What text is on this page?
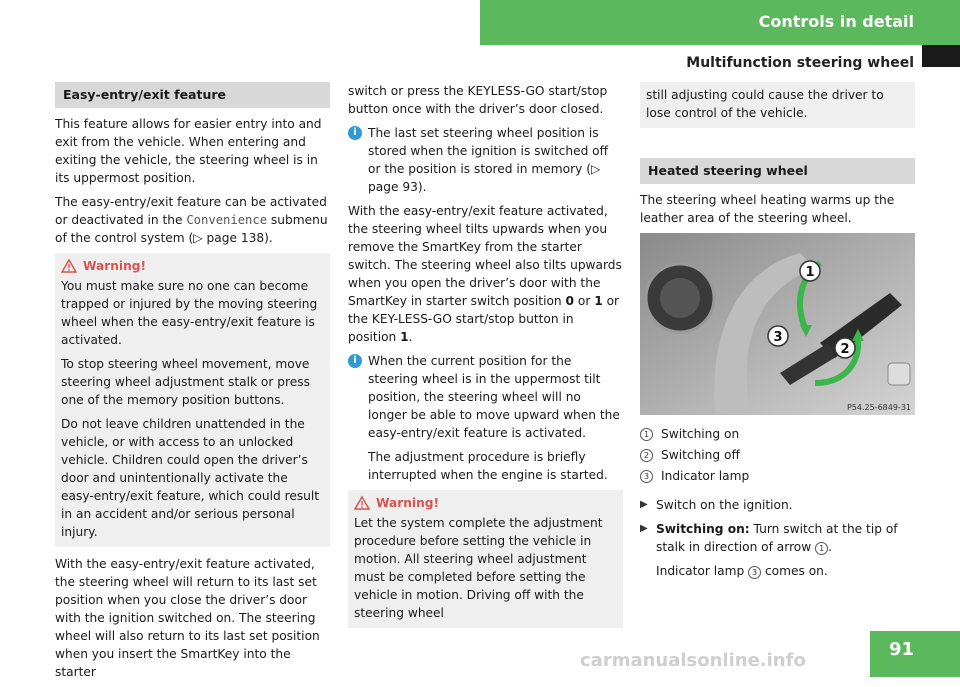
Controls in detail
Multifunction steering wheel
Easy-entry/exit feature

This feature allows for easier entry into and exit from the vehicle. When entering and exiting the vehicle, the steering wheel is in its uppermost position.

The easy-entry/exit feature can be activated or deactivated in the Convenience submenu of the control system (▷ page 138).

Warning!

You must make sure no one can become trapped or injured by the moving steering wheel when the easy-entry/exit feature is activated.

To stop steering wheel movement, move steering wheel adjustment stalk or press one of the memory position buttons.

Do not leave children unattended in the vehicle, or with access to an unlocked vehicle. Children could open the driver’s door and unintentionally activate the easy-entry/exit feature, which could result in an accident and/or serious personal injury.

With the easy-entry/exit feature activated, the steering wheel will return to its last set position when you close the driver’s door with the ignition switched on. The steering wheel will also return to its last set position when you insert the SmartKey into the starter

switch or press the KEYLESS-GO start/stop button once with the driver’s door closed.

i The last set steering wheel position is stored when the ignition is switched off or the position is stored in memory (▷ page 93).

With the easy-entry/exit feature activated, the steering wheel tilts upwards when you remove the SmartKey from the starter switch. The steering wheel also tilts upwards when you open the driver’s door with the SmartKey in starter switch position 0 or 1 or the KEY-LESS-GO start/stop button in position 1.

i When the current position for the steering wheel is in the uppermost tilt position, the steering wheel will no longer be able to move upward when the easy-entry/exit feature is activated.

The adjustment procedure is briefly interrupted when the engine is started.

Warning!

Let the system complete the adjustment procedure before setting the vehicle in motion. All steering wheel adjustment must be completed before setting the vehicle in motion. Driving off with the steering wheel

still adjusting could cause the driver to lose control of the vehicle.

Heated steering wheel

The steering wheel heating warms up the leather area of the steering wheel.

1
2
3
P54.25-6849-31
1 Switching on
2 Switching off
3 Indicator lamp
▶ Switch on the ignition.
▶ Switching on: Turn switch at the tip of stalk in direction of arrow 1 .

Indicator lamp 3 comes on.

91
carmanualsonline.info
